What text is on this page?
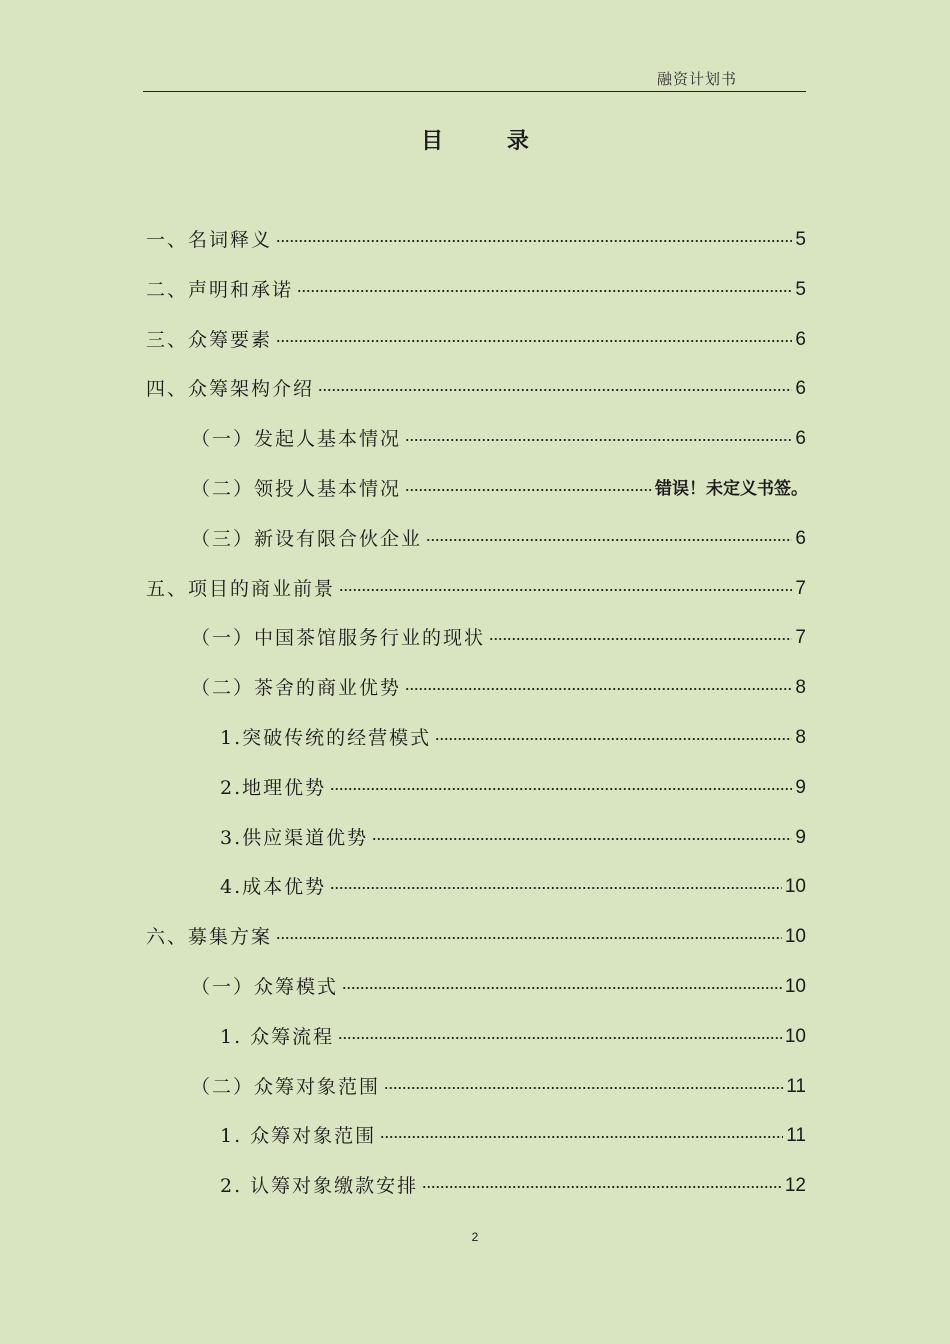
融资计划书
目 录
一、名词释义	5
二、声明和承诺	5
三、众筹要素	6
四、众筹架构介绍	6
（一）发起人基本情况	6
（二）领投人基本情况	错误！未定义书签。
（三）新设有限合伙企业	6
五、项目的商业前景	7
（一）中国茶馆服务行业的现状	7
（二）茶舍的商业优势	8
1.突破传统的经营模式	8
2.地理优势	9
3.供应渠道优势	9
4.成本优势	10
六、募集方案	10
（一）众筹模式	10
1. 众筹流程	10
（二）众筹对象范围	11
1. 众筹对象范围	11
2. 认筹对象缴款安排	12
2
